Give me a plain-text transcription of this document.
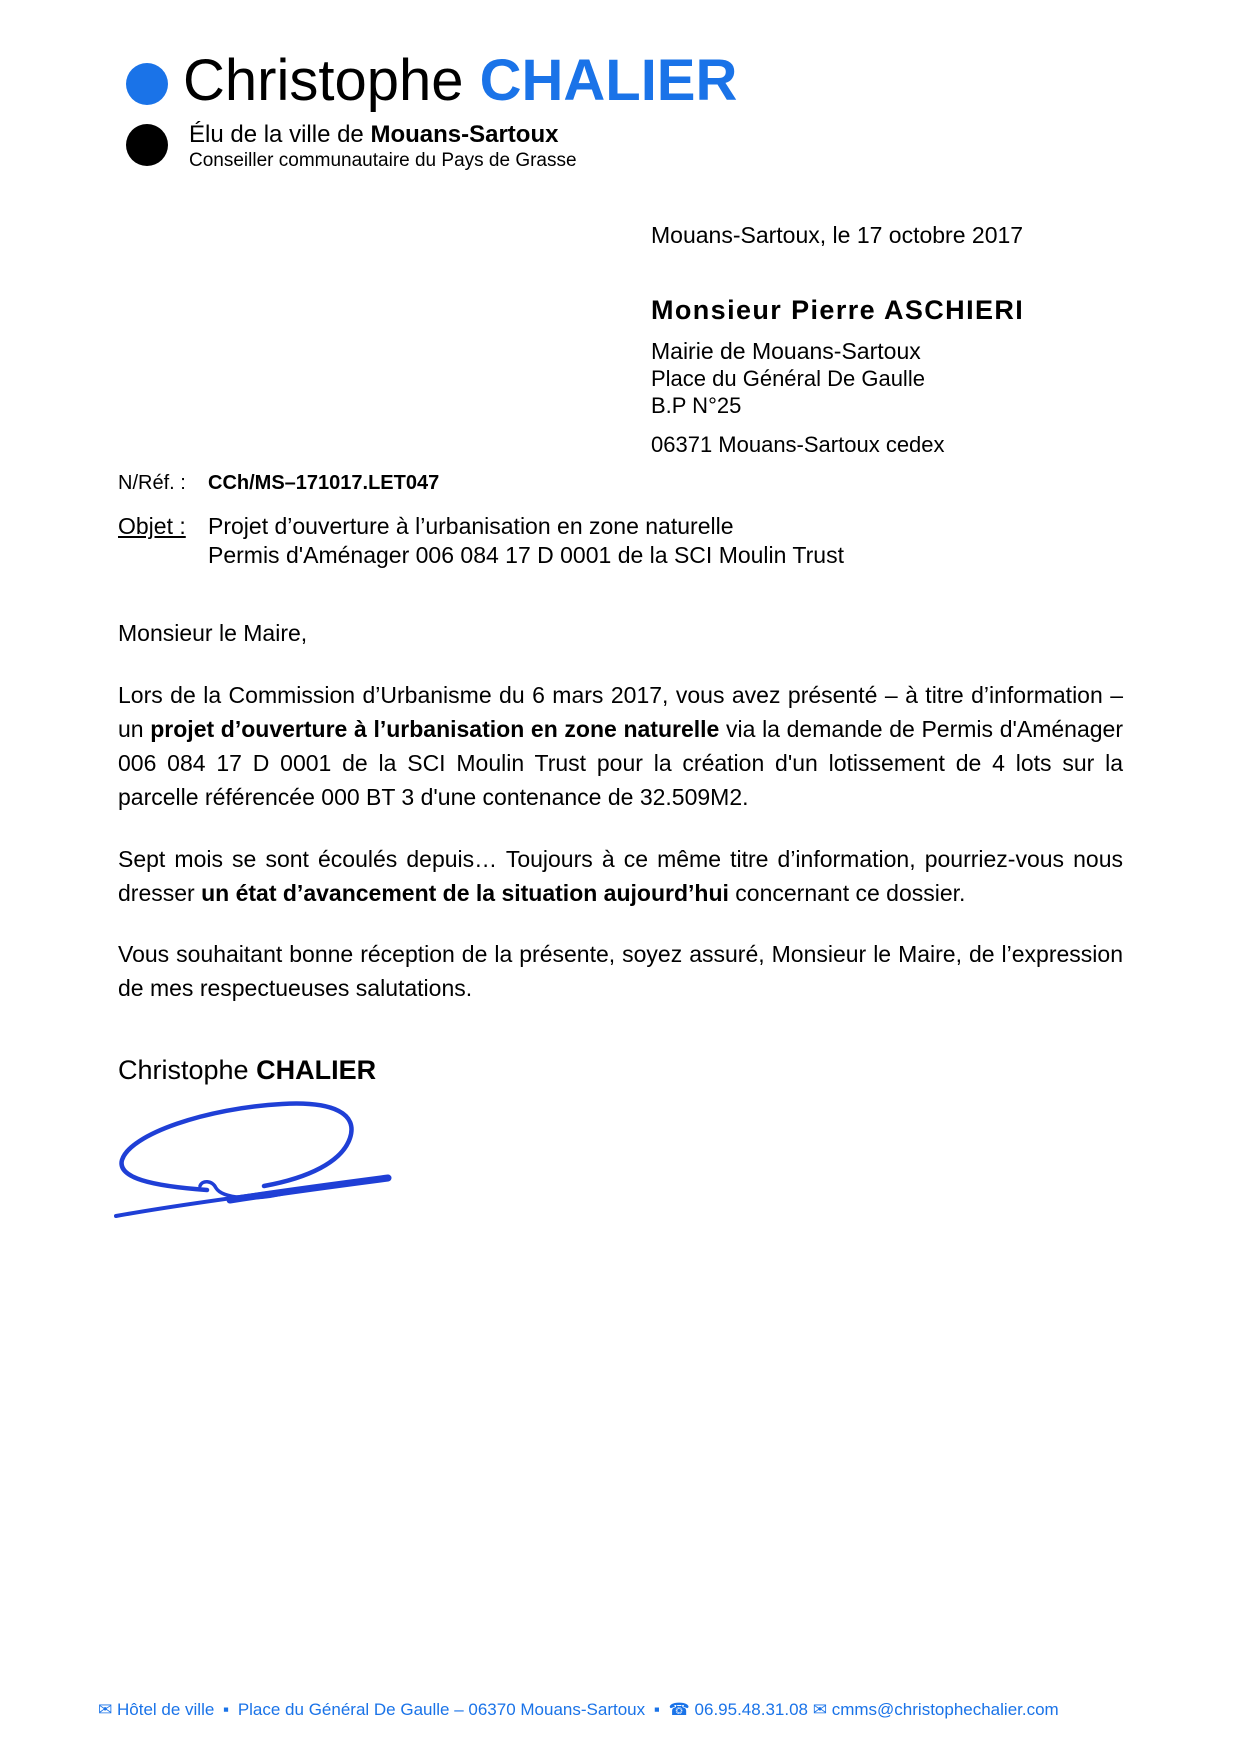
Christophe CHALIER
Élu de la ville de Mouans-Sartoux
Conseiller communautaire du Pays de Grasse
Mouans-Sartoux, le 17 octobre 2017
Monsieur Pierre ASCHIERI
Mairie de Mouans-Sartoux
Place du Général De Gaulle
B.P N°25
06371 Mouans-Sartoux cedex
N/Réf. : CCh/MS–171017.LET047
Objet : Projet d’ouverture à l’urbanisation en zone naturelle
Permis d'Aménager 006 084 17 D 0001 de la SCI Moulin Trust
Monsieur le Maire,
Lors de la Commission d’Urbanisme du 6 mars 2017, vous avez présenté – à titre d’information – un projet d’ouverture à l’urbanisation en zone naturelle via la demande de Permis d'Aménager 006 084 17 D 0001 de la SCI Moulin Trust pour la création d'un lotissement de 4 lots sur la parcelle référencée 000 BT 3 d'une contenance de 32.509M2.
Sept mois se sont écoulés depuis… Toujours à ce même titre d’information, pourriez-vous nous dresser un état d’avancement de la situation aujourd’hui concernant ce dossier.
Vous souhaitant bonne réception de la présente, soyez assuré, Monsieur le Maire, de l’expression de mes respectueuses salutations.
Christophe CHALIER
✉ Hôtel de ville ▪ Place du Général De Gaulle – 06370 Mouans-Sartoux ▪ ☎ 06.95.48.31.08 ✉ cmms@christophechalier.com
